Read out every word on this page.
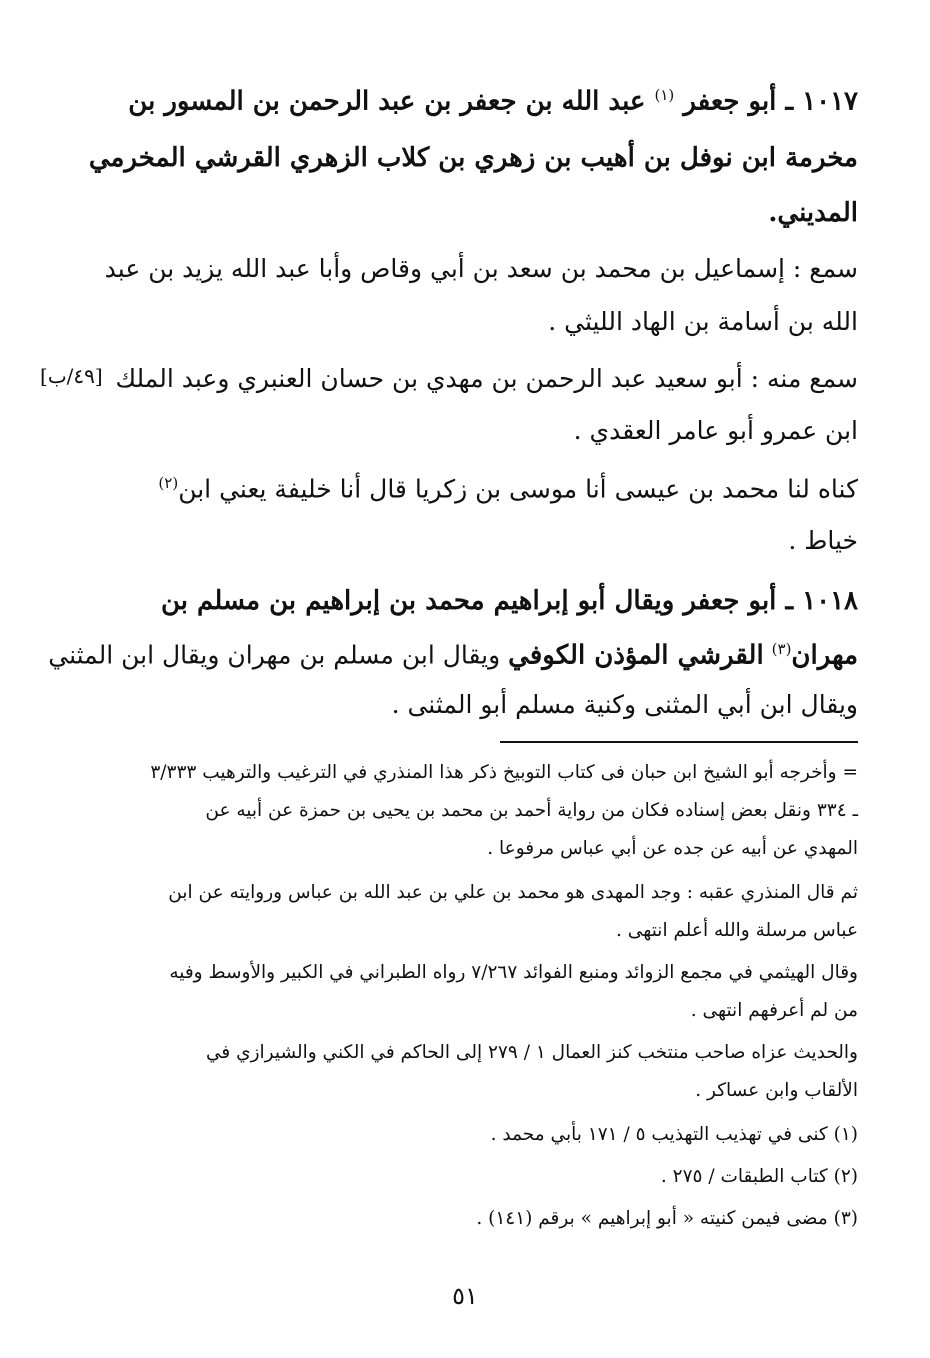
١٠١٧ ـ أبو جعفر $^{(١)}$ عبد الله بن جعفر بن عبد الرحمن بن المسور بن
مخرمة ابن نوفل بن أهيب بن زهري بن كلاب الزهري القرشي المخرمي
المديني.
سمع : إسماعيل بن محمد بن سعد بن أبي وقاص وأبا عبد الله يزيد بن عبد
الله بن أسامة بن الهاد الليثي .
سمع منه : أبو سعيد عبد الرحمن بن مهدي بن حسان العنبري وعبد الملك
[٤٩/ب]
ابن عمرو أبو عامر العقدي .
كناه لنا محمد بن عيسى أنا موسى بن زكريا قال أنا خليفة يعني ابن$^{(٢)}$
خياط .
١٠١٨ ـ أبو جعفر ويقال أبو إبراهيم محمد بن إبراهيم بن مسلم بن
مهران$^{(٣)}$ القرشي المؤذن الكوفي ويقال ابن مسلم بن مهران ويقال ابن المثني
ويقال ابن أبي المثنى وكنية مسلم أبو المثنى .
= وأخرجه أبو الشيخ ابن حبان فى كتاب التوبيخ ذكر هذا المنذري في الترغيب والترهيب ٣/٣٣٣
ـ ٣٣٤ ونقل بعض إسناده فكان من رواية أحمد بن محمد بن يحيى بن حمزة عن أبيه عن
المهدي عن أبيه عن جده عن أبي عباس مرفوعا .
ثم قال المنذري عقبه : وجد المهدى هو محمد بن علي بن عبد الله بن عباس وروايته عن ابن
عباس مرسلة والله أعلم انتهى .
وقال الهيثمي في مجمع الزوائد ومنبع الفوائد ٧/٢٦٧ رواه الطبراني في الكبير والأوسط وفيه
من لم أعرفهم انتهى .
والحديث عزاه صاحب منتخب كنز العمال ١ / ٢٧٩ إلى الحاكم في الكني والشيرازي في
الألقاب وابن عساكر .
(١) كنى في تهذيب التهذيب ٥ / ١٧١ بأبي محمد .
(٢) كتاب الطبقات / ٢٧٥ .
(٣) مضى فيمن كنيته « أبو إبراهيم » برقم (١٤١) .
٥١
